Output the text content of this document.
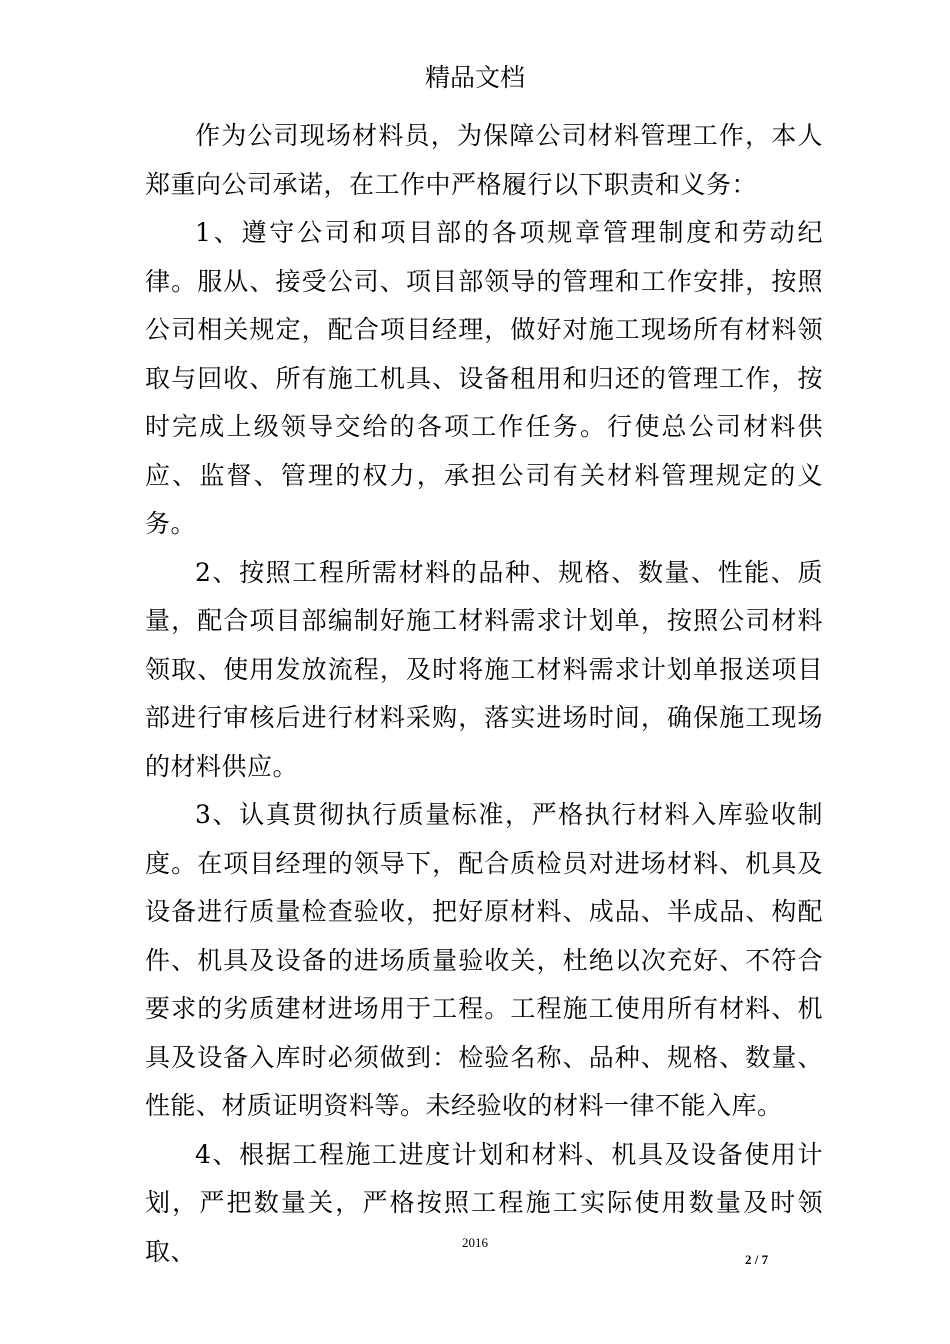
精品文档

作为公司现场材料员，为保障公司材料管理工作，本人郑重向公司承诺，在工作中严格履行以下职责和义务：

1、遵守公司和项目部的各项规章管理制度和劳动纪律。服从、接受公司、项目部领导的管理和工作安排，按照公司相关规定，配合项目经理，做好对施工现场所有材料领取与回收、所有施工机具、设备租用和归还的管理工作，按时完成上级领导交给的各项工作任务。行使总公司材料供应、监督、管理的权力，承担公司有关材料管理规定的义务。

2、按照工程所需材料的品种、规格、数量、性能、质量，配合项目部编制好施工材料需求计划单，按照公司材料领取、使用发放流程，及时将施工材料需求计划单报送项目部进行审核后进行材料采购，落实进场时间，确保施工现场的材料供应。

3、认真贯彻执行质量标准，严格执行材料入库验收制度。在项目经理的领导下，配合质检员对进场材料、机具及设备进行质量检查验收，把好原材料、成品、半成品、构配件、机具及设备的进场质量验收关，杜绝以次充好、不符合要求的劣质建材进场用于工程。工程施工使用所有材料、机具及设备入库时必须做到：检验名称、品种、规格、数量、性能、材质证明资料等。未经验收的材料一律不能入库。

4、根据工程施工进度计划和材料、机具及设备使用计划，严把数量关，严格按照工程施工实际使用数量及时领取、	2016
2 / 7
